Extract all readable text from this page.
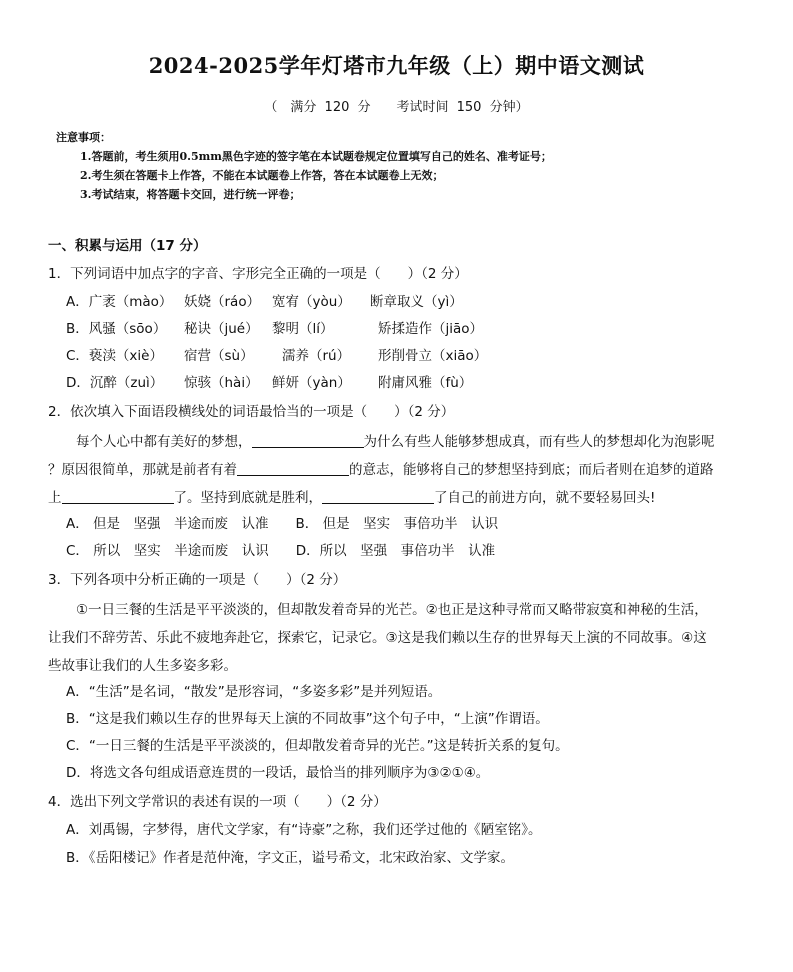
2024-2025学年灯塔市九年级（上）期中语文测试
（　满分 120 分　　考试时间 150 分钟）
注意事项：
1.答题前，考生须用0.5mm黑色字迹的签字笔在本试题卷规定位置填写自己的姓名、准考证号；
2.考生须在答题卡上作答，不能在本试题卷上作答，答在本试题卷上无效；
3.考试结束，将答题卡交回，进行统一评卷；
一、积累与运用（17 分）
1．下列词语中加点字的字音、字形完全正确的一项是（　　）（2 分）
A．广袤（mào） 妖娆（ráo） 宽宥（yòu） 断章取义（yì）
B．风骚（sōo） 秘诀（jué） 黎明（lí）	矫揉造作（jiāo）
C．亵渎（xiè） 宿营（sù） 濡养（rú） 形削骨立（xiāo）
D．沉醉（zuì） 惊骇（hài） 鲜妍（yàn） 附庸风雅（fù）
2．依次填入下面语段横线处的词语最恰当的一项是（　　）（2 分）
每个人心中都有美好的梦想，	为什么有些人能够梦想成真，而有些人的梦想却化为泡影呢
？原因很简单，那就是前者有着	的意志，能够将自己的梦想坚持到底；而后者则在追梦的道路
上	了。坚持到底就是胜利，	了自己的前进方向，就不要轻易回头!
A． 但是　坚强　半途而废　认准　　B． 但是　坚实　事倍功半　认识
C． 所以　坚实　半途而废　认识　　D．所以　坚强　事倍功半　认准
3．下列各项中分析正确的一项是（　　）（2 分）
①一日三餐的生活是平平淡淡的，但却散发着奇异的光芒。②也正是这种寻常而又略带寂寞和神秘的生活，
让我们不辞劳苦、乐此不疲地奔赴它，探索它，记录它。③这是我们赖以生存的世界每天上演的不同故事。④这
些故事让我们的人生多姿多彩。
A．“生活”是名词，“散发”是形容词，“多姿多彩”是并列短语。
B．“这是我们赖以生存的世界每天上演的不同故事”这个句子中，“上演”作谓语。
C．“一日三餐的生活是平平淡淡的，但却散发着奇异的光芒。”这是转折关系的复句。
D．将选文各句组成语意连贯的一段话，最恰当的排列顺序为③②①④。
4．选出下列文学常识的表述有误的一项（　　）（2 分）
A．刘禹锡，字梦得，唐代文学家，有“诗豪”之称，我们还学过他的《陋室铭》。
B．《岳阳楼记》作者是范仲淹，字文正，谥号希文，北宋政治家、文学家。
